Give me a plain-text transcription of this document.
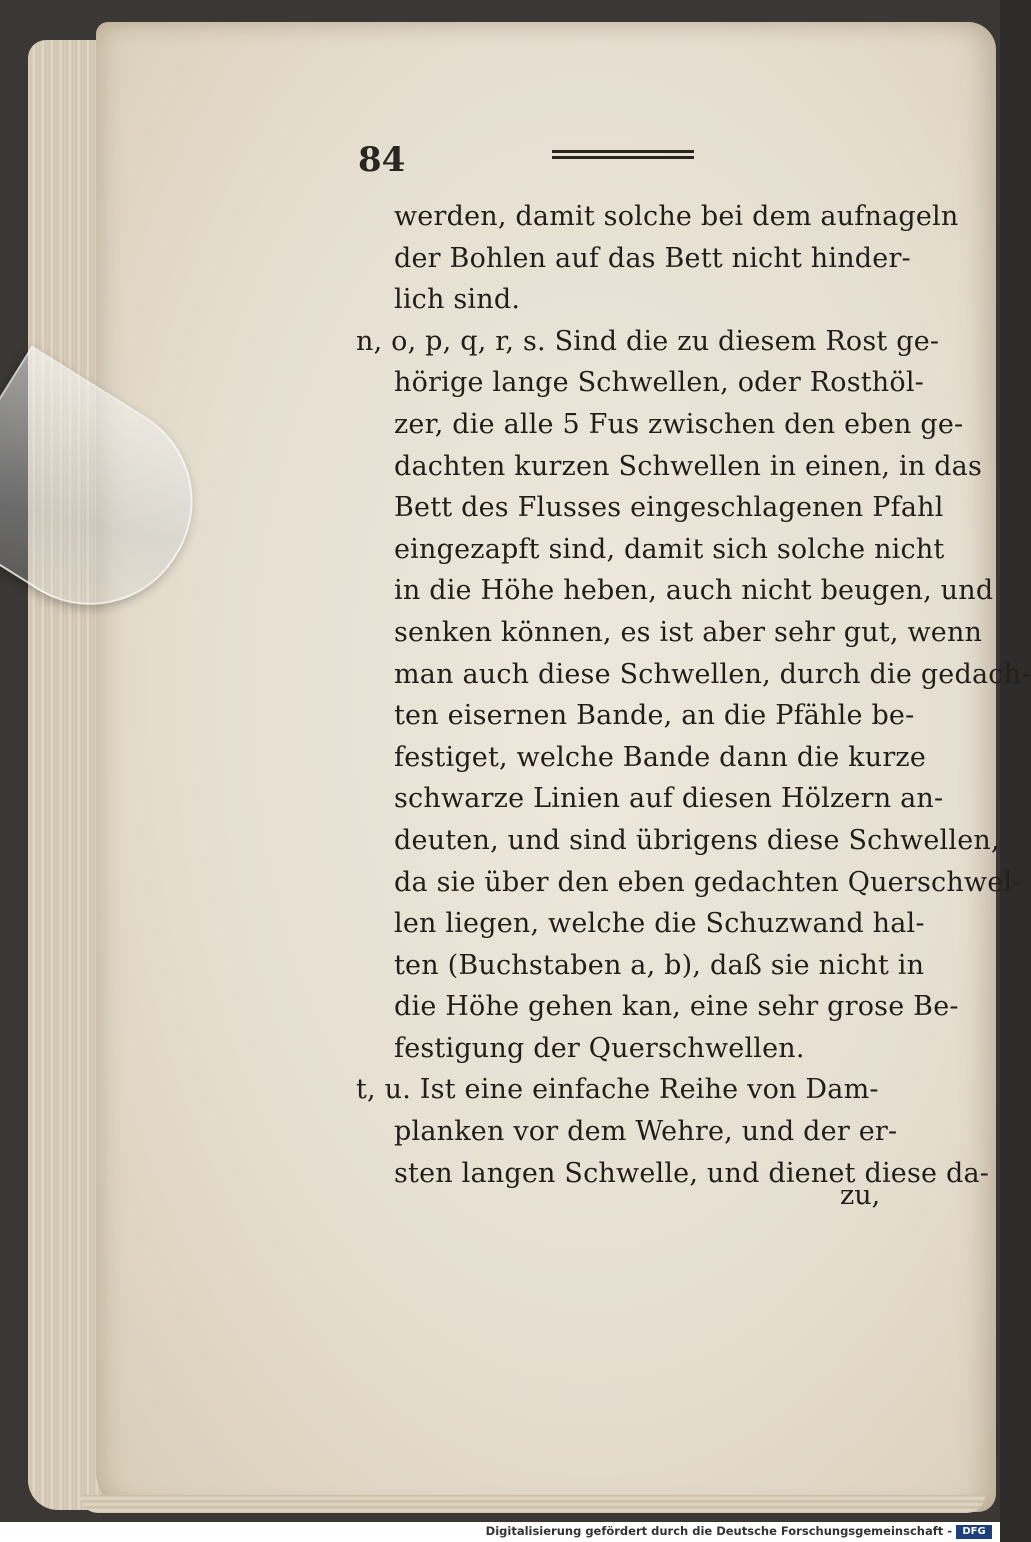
84
werden, damit solche bei dem aufnageln
der Bohlen auf das Bett nicht hinder-
lich sind.
n, o, p, q, r, s. Sind die zu diesem Rost ge-
hörige lange Schwellen, oder Rosthöl-
zer, die alle 5 Fus zwischen den eben ge-
dachten kurzen Schwellen in einen, in das
Bett des Flusses eingeschlagenen Pfahl
eingezapft sind, damit sich solche nicht
in die Höhe heben, auch nicht beugen, und
senken können, es ist aber sehr gut, wenn
man auch diese Schwellen, durch die gedach-
ten eisernen Bande, an die Pfähle be-
festiget, welche Bande dann die kurze
schwarze Linien auf diesen Hölzern an-
deuten, und sind übrigens diese Schwellen,
da sie über den eben gedachten Querschwel-
len liegen, welche die Schuzwand hal-
ten (Buchstaben a, b), daß sie nicht in
die Höhe gehen kan, eine sehr grose Be-
festigung der Querschwellen.
t, u. Ist eine einfache Reihe von Dam-
planken vor dem Wehre, und der er-
sten langen Schwelle, und dienet diese da-
zu,
Digitalisierung gefördert durch die Deutsche Forschungsgemeinschaft -	DFG
